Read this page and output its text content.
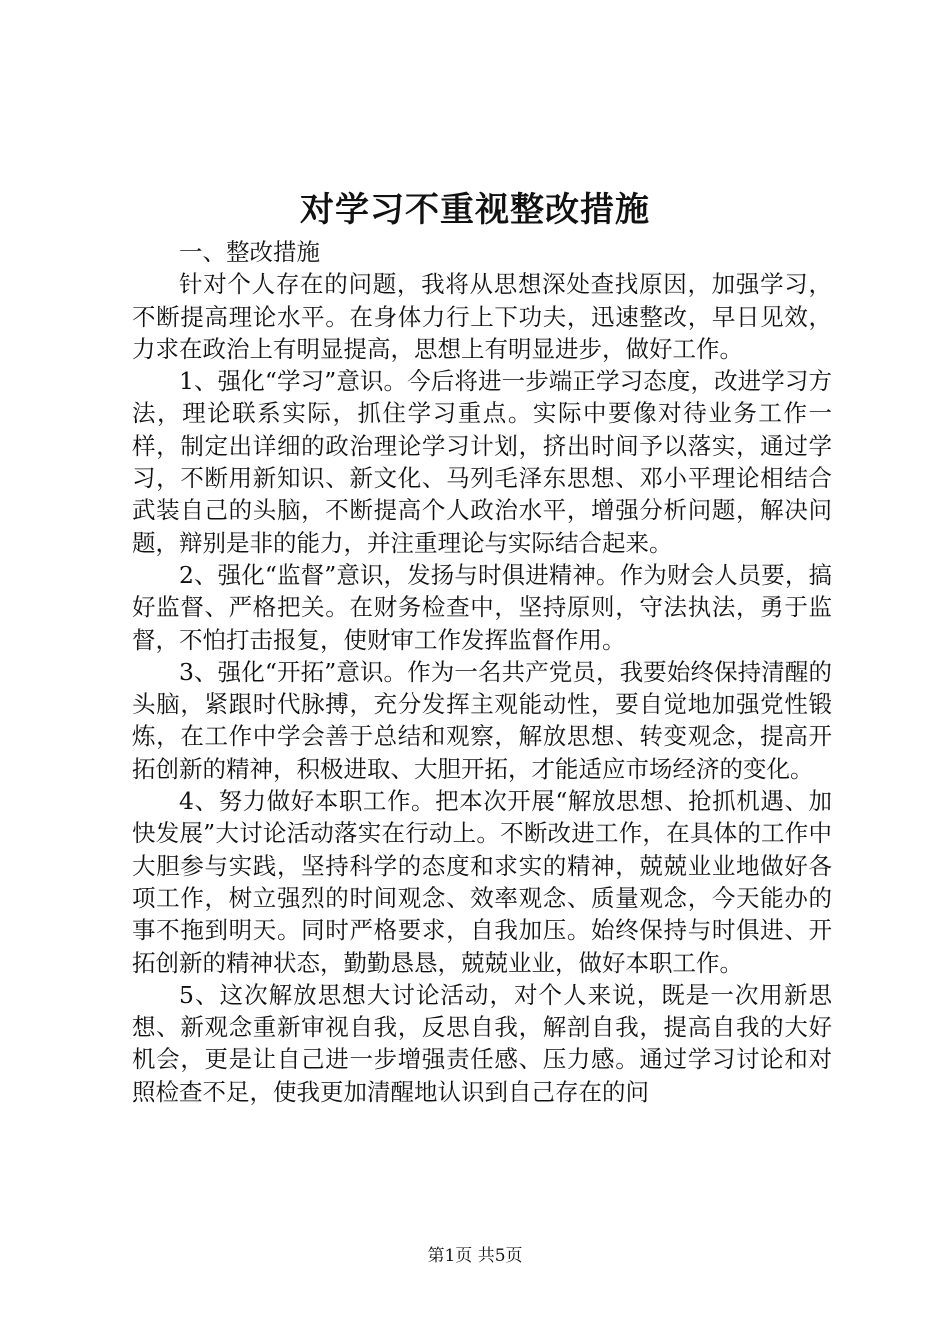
对学习不重视整改措施

一、整改措施

针对个人存在的问题，我将从思想深处查找原因，加强学习，不断提高理论水平。在身体力行上下功夫，迅速整改，早日见效，力求在政治上有明显提高，思想上有明显进步，做好工作。

1、强化“学习”意识。今后将进一步端正学习态度，改进学习方法，理论联系实际，抓住学习重点。实际中要像对待业务工作一样，制定出详细的政治理论学习计划，挤出时间予以落实，通过学习，不断用新知识、新文化、马列毛泽东思想、邓小平理论相结合武装自己的头脑，不断提高个人政治水平，增强分析问题，解决问题，辩别是非的能力，并注重理论与实际结合起来。

2、强化“监督”意识，发扬与时俱进精神。作为财会人员要，搞好监督、严格把关。在财务检查中，坚持原则，守法执法，勇于监督，不怕打击报复，使财审工作发挥监督作用。

3、强化“开拓”意识。作为一名共产党员，我要始终保持清醒的头脑，紧跟时代脉搏，充分发挥主观能动性，要自觉地加强党性锻炼，在工作中学会善于总结和观察，解放思想、转变观念，提高开拓创新的精神，积极进取、大胆开拓，才能适应市场经济的变化。

4、努力做好本职工作。把本次开展“解放思想、抢抓机遇、加快发展”大讨论活动落实在行动上。不断改进工作，在具体的工作中大胆参与实践，坚持科学的态度和求实的精神，兢兢业业地做好各项工作，树立强烈的时间观念、效率观念、质量观念，今天能办的事不拖到明天。同时严格要求，自我加压。始终保持与时俱进、开拓创新的精神状态，勤勤恳恳，兢兢业业，做好本职工作。

5、这次解放思想大讨论活动，对个人来说，既是一次用新思想、新观念重新审视自我，反思自我，解剖自我，提高自我的大好机会，更是让自己进一步增强责任感、压力感。通过学习讨论和对照检查不足，使我更加清醒地认识到自己存在的问

第1页 共5页
